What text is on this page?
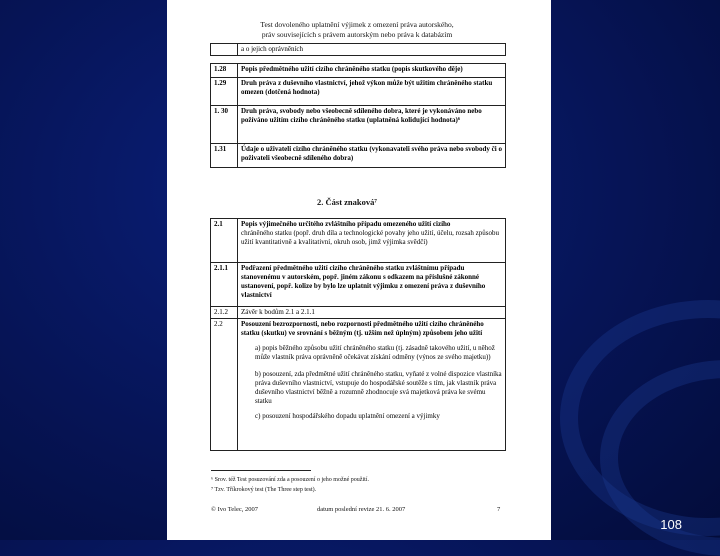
Test dovoleného uplatnění výjimek z omezení práva autorského,
práv souvisejících s právem autorským nebo práva k databázím
	a o jejich oprávněních
1.28	Popis předmětného užití cizího chráněného statku (popis skutkového děje)
1.29	Druh práva z duševního vlastnictví, jehož výkon může být užitím chráněného statku omezen (dotčená hodnota)
1. 30	Druh práva, svobody nebo všeobecně sdíleného dobra, které je vykonáváno nebo požíváno užitím cizího chráněného statku (uplatněná kolidující hodnota)⁶
1.31	Údaje o uživateli cizího chráněného statku (vykonavateli svého práva nebo svobody či o poživateli všeobecně sdíleného dobra)
2. Část znaková⁷
2.1	Popis výjimečného určitého zvláštního případu omezeného užití cizího
chráněného statku (popř. druh díla a technologické povahy jeho užití, účelu, rozsah způsobu užití kvantitativně a kvalitativní, okruh osob, jimž výjimka svědčí)

2.1.1	Podřazení předmětného užití cizího chráněného statku zvláštnímu případu stanovenému v autorském, popř. jiném zákonu s odkazem na příslušné zákonné ustanovení, popř. kolize by bylo lze uplatnit výjimku z omezení práva z duševního vlastnictví
2.1.2	Závěr k bodům 2.1 a 2.1.1
2.2	Posouzení bezrozpornosti, nebo rozpornosti předmětného užití cizího chráněného statku (skutku) ve srovnání s běžným (tj. užším než úplným) způsobem jeho užití
a) popis běžného způsobu užití chráněného statku (tj. zásadně takového užití, u něhož může vlastník práva oprávněně očekávat získání odměny (výnos ze svého majetku))
b) posouzení, zda předmětné užití chráněného statku, vyňaté z volné dispozice vlastníka práva duševního vlastnictví, vstupuje do hospodářské soutěže s tím, jak vlastník práva duševního vlastnictví běžně a rozumně zhodnocuje svá majetková práva ke svému statku
c) posouzení hospodářského dopadu uplatnění omezení a výjimky
⁶ Srov. též Test posuzování zda a posouzení o jeho možné použití.
⁷ Tzv. Tříkrokový test (The Three step test).
© Ivo Telec, 2007	datum poslední revize 21. 6. 2007	7
108
